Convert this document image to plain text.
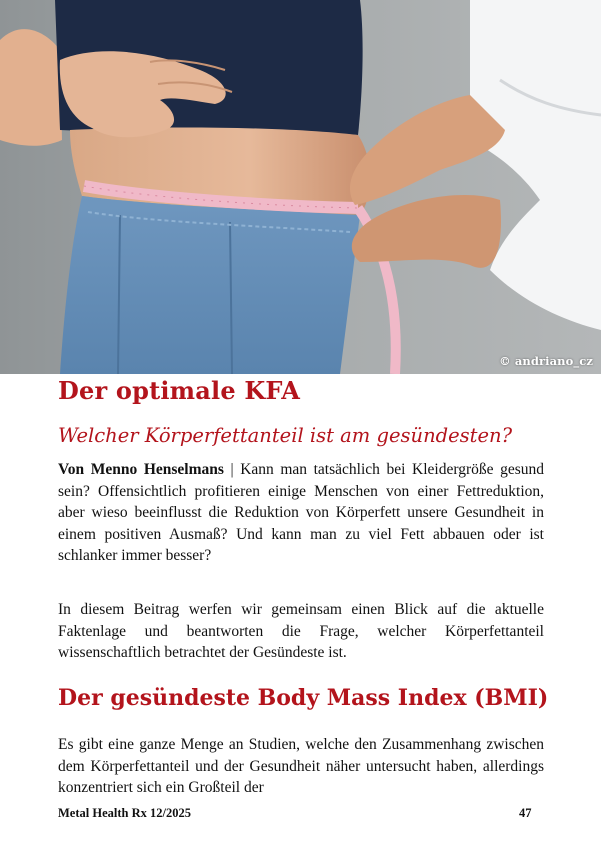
© andriano_cz
Der optimale KFA
Welcher Körperfettanteil ist am gesündesten?

Von Menno Henselmans | Kann man tatsächlich bei Kleidergröße gesund sein? Offensichtlich profitieren einige Menschen von einer Fettreduktion, aber wieso beeinflusst die Reduktion von Körperfett unsere Gesundheit in einem positiven Ausmaß? Und kann man zu viel Fett abbauen oder ist schlanker immer besser?

In diesem Beitrag werfen wir gemeinsam einen Blick auf die aktuelle Faktenlage und beantworten die Frage, welcher Körperfettanteil wissenschaftlich betrachtet der Gesündeste ist.

Der gesündeste Body Mass Index (BMI)

Es gibt eine ganze Menge an Studien, welche den Zusammenhang zwischen dem Körperfettanteil und der Gesundheit näher untersucht haben, allerdings konzentriert sich ein Großteil der

Metal Health Rx 12/2025	47
